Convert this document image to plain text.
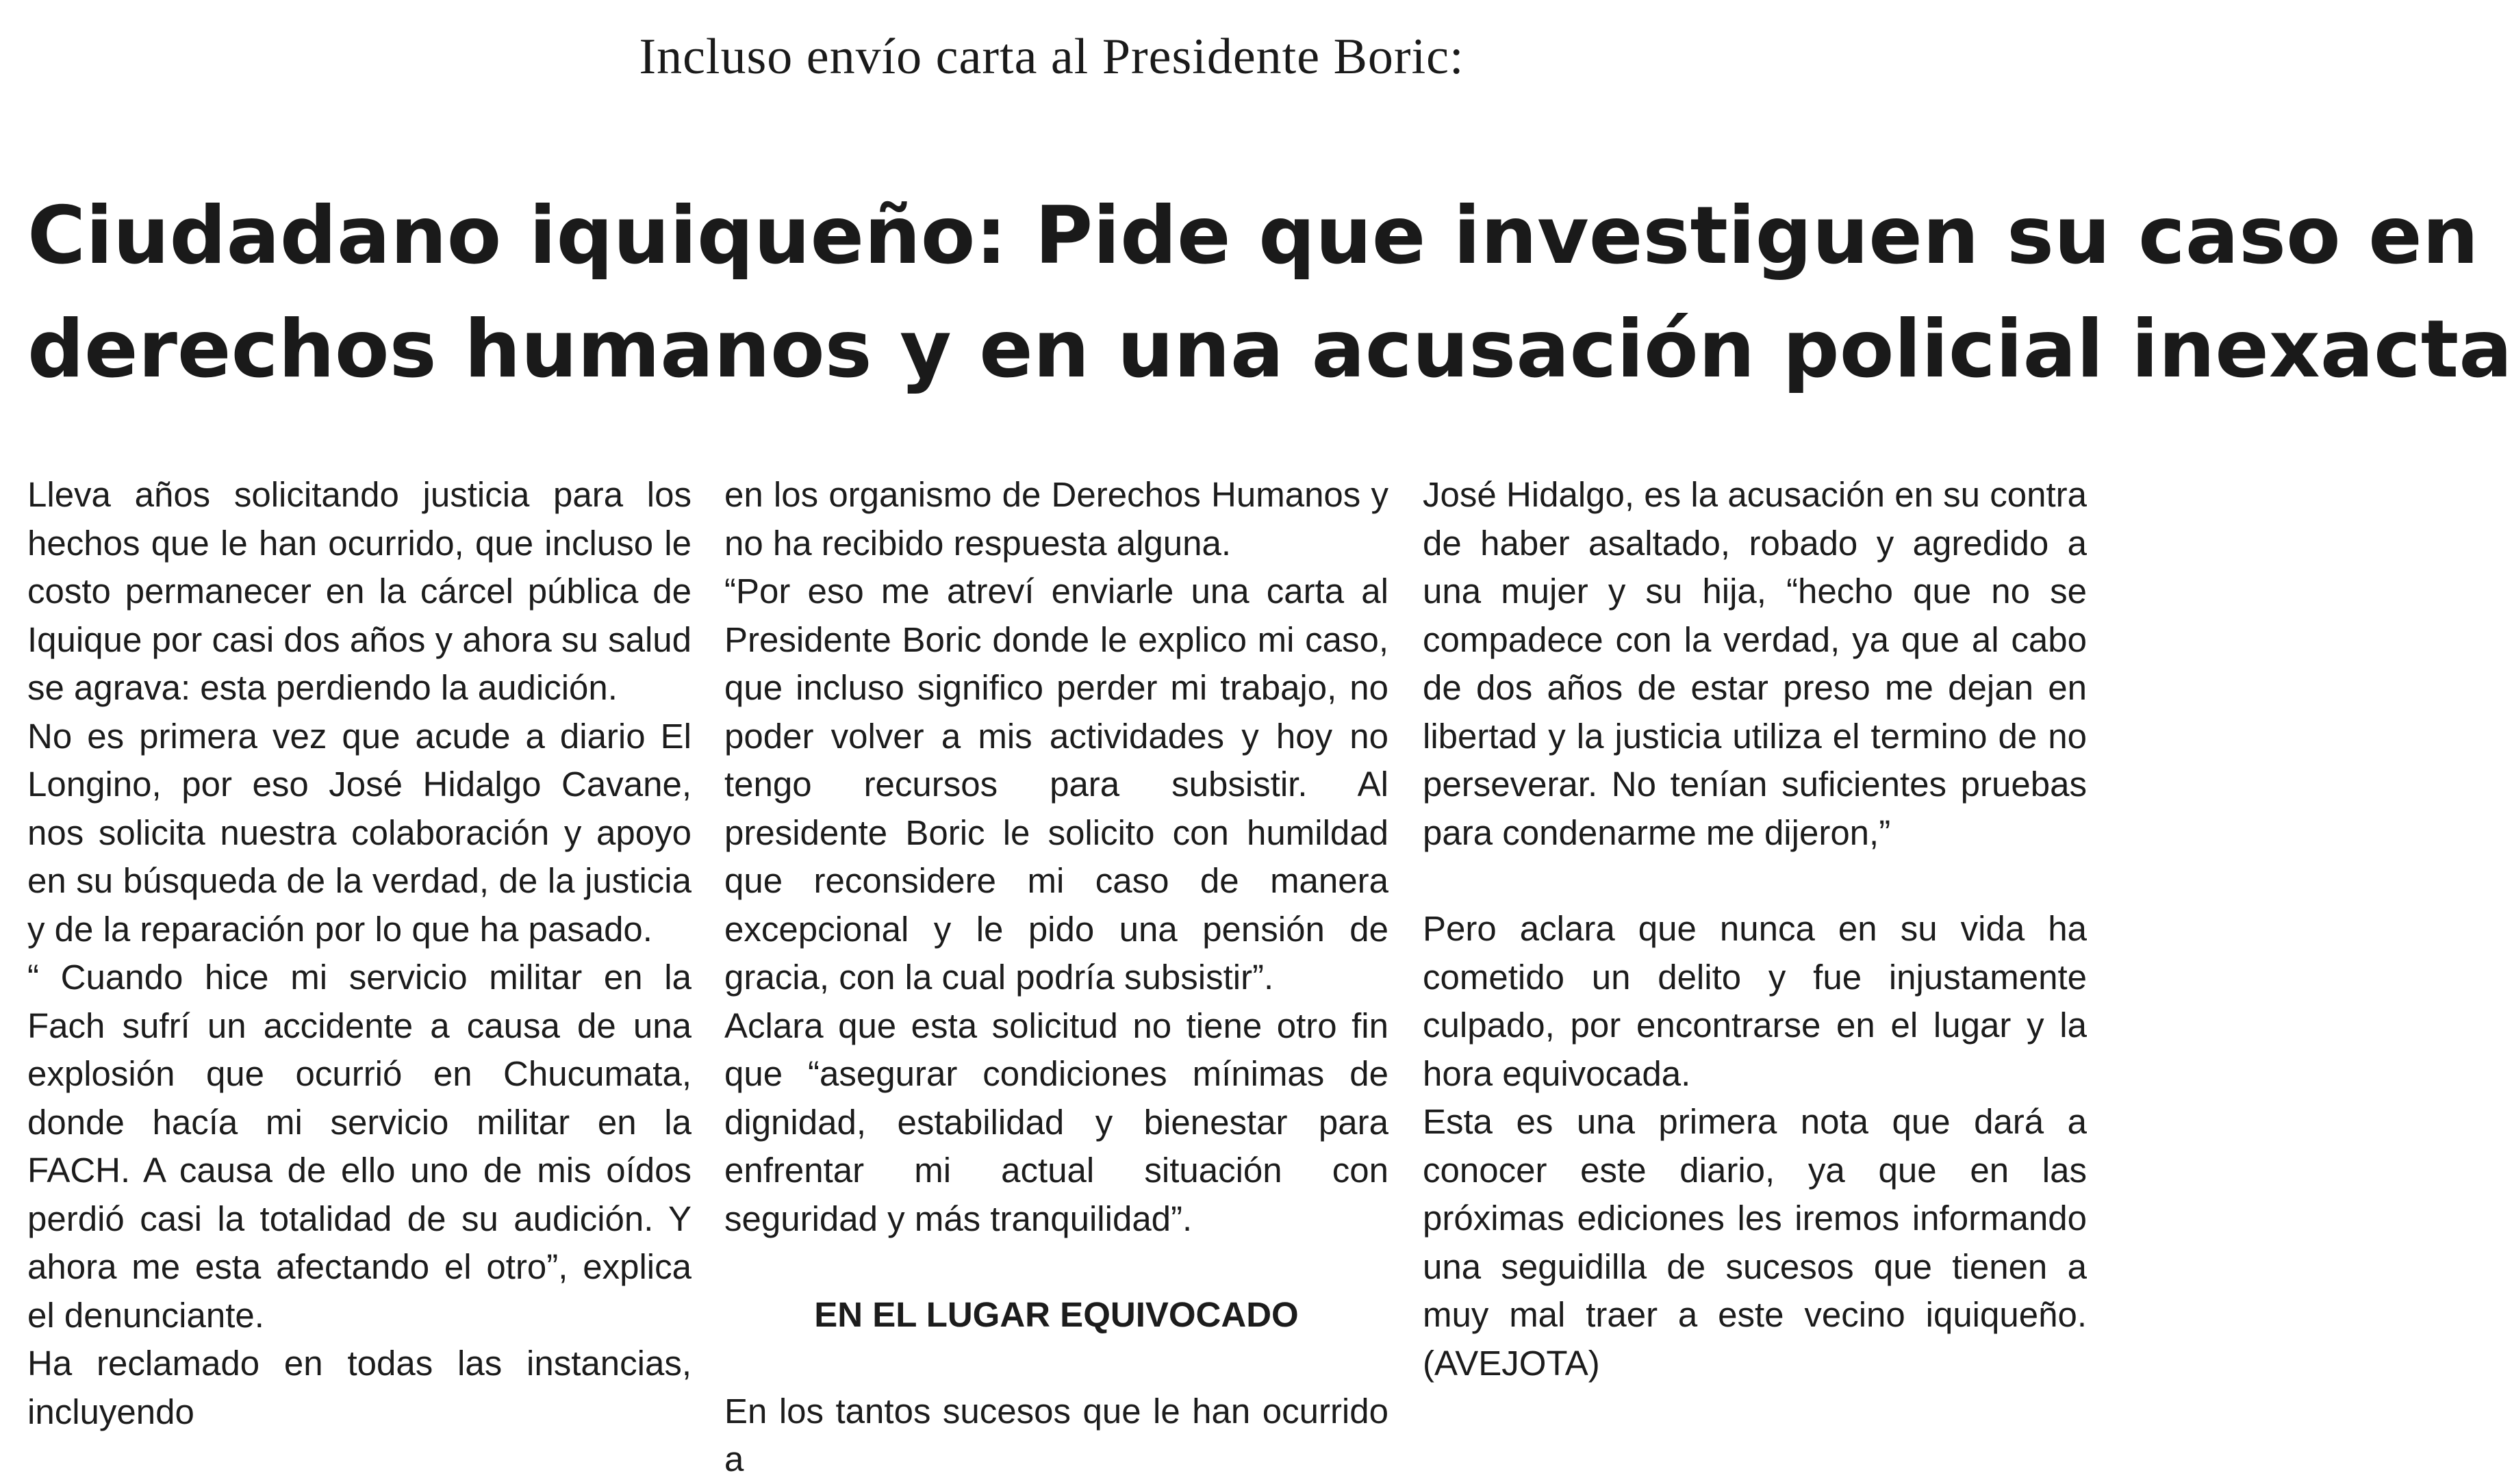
Incluso envío carta al Presidente Boric:
Ciudadano iquiqueño: Pide que investiguen su caso en
derechos humanos y en una acusación policial inexacta

Lleva años solicitando justicia para los hechos que le han ocurrido, que incluso le costo permanecer en la cárcel pública de Iquique por casi dos años y ahora su salud se agrava: esta perdiendo la audición.

No es primera vez que acude a diario El Longino, por eso José Hidalgo Cavane, nos solicita nuestra colaboración y apoyo en su búsqueda de la verdad, de la justicia y de la reparación por lo que ha pasado.

“ Cuando hice mi servicio militar en la Fach sufrí un accidente a causa de una explosión que ocurrió en Chucumata, donde hacía mi servicio militar en la FACH. A causa de ello uno de mis oídos perdió casi la totalidad de su audición. Y ahora me esta afectando el otro”, explica el denunciante.

Ha reclamado en todas las instancias, incluyendo

en los organismo de Derechos Humanos y no ha recibido respuesta alguna.

“Por eso me atreví enviarle una carta al Presidente Boric donde le explico mi caso, que incluso significo perder mi trabajo, no poder volver a mis actividades y hoy no tengo recursos para subsistir. Al presidente Boric le solicito con humildad que reconsidere mi caso de manera excepcional y le pido una pensión de gracia, con la cual podría subsistir”.

Aclara que esta solicitud no tiene otro fin que “asegurar condiciones mínimas de dignidad, estabilidad y bienestar para enfrentar mi actual situación con seguridad y más tranquilidad”.

EN EL LUGAR EQUIVOCADO

En los tantos sucesos que le han ocurrido a

José Hidalgo, es la acusación en su contra de haber asaltado, robado y agredido a una mujer y su hija, “hecho que no se compadece con la verdad, ya que al cabo de dos años de estar preso me dejan en libertad y la justicia utiliza el termino de no perseverar. No tenían suficientes pruebas para condenarme me dijeron,”

Pero aclara que nunca en su vida ha cometido un delito y fue injustamente culpado, por encontrarse en el lugar y la hora equivocada.

Esta es una primera nota que dará a conocer este diario, ya que en las próximas ediciones les iremos informando una seguidilla de sucesos que tienen a muy mal traer a este vecino iquiqueño. (AVEJOTA)
